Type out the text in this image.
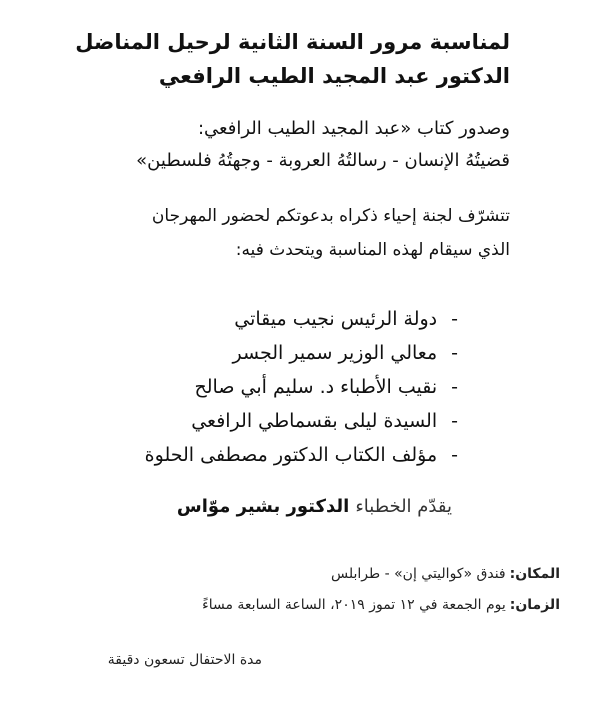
لمناسبة مرور السنة الثانية لرحيل المناضل
الدكتور عبد المجيد الطيب الرافعي
وصدور كتاب «عبد المجيد الطيب الرافعي:
قضيتُهُ الإنسان - رسالتُهُ العروبة - وجهتُهُ فلسطين»
تتشرّف لجنة إحياء ذكراه بدعوتكم لحضور المهرجان
الذي سيقام لهذه المناسبة ويتحدث فيه:
-دولة الرئيس نجيب ميقاتي
-معالي الوزير سمير الجسر
-نقيب الأطباء د. سليم أبي صالح
-السيدة ليلى بقسماطي الرافعي
-مؤلف الكتاب الدكتور مصطفى الحلوة
يقدّم الخطباءالدكتور بشير موّاس
المكان:فندق «كواليتي إن» - طرابلس
الزمان:يوم الجمعة في ١٢ تموز ٢٠١٩، الساعة السابعة مساءً
مدة الاحتفال تسعون دقيقة
